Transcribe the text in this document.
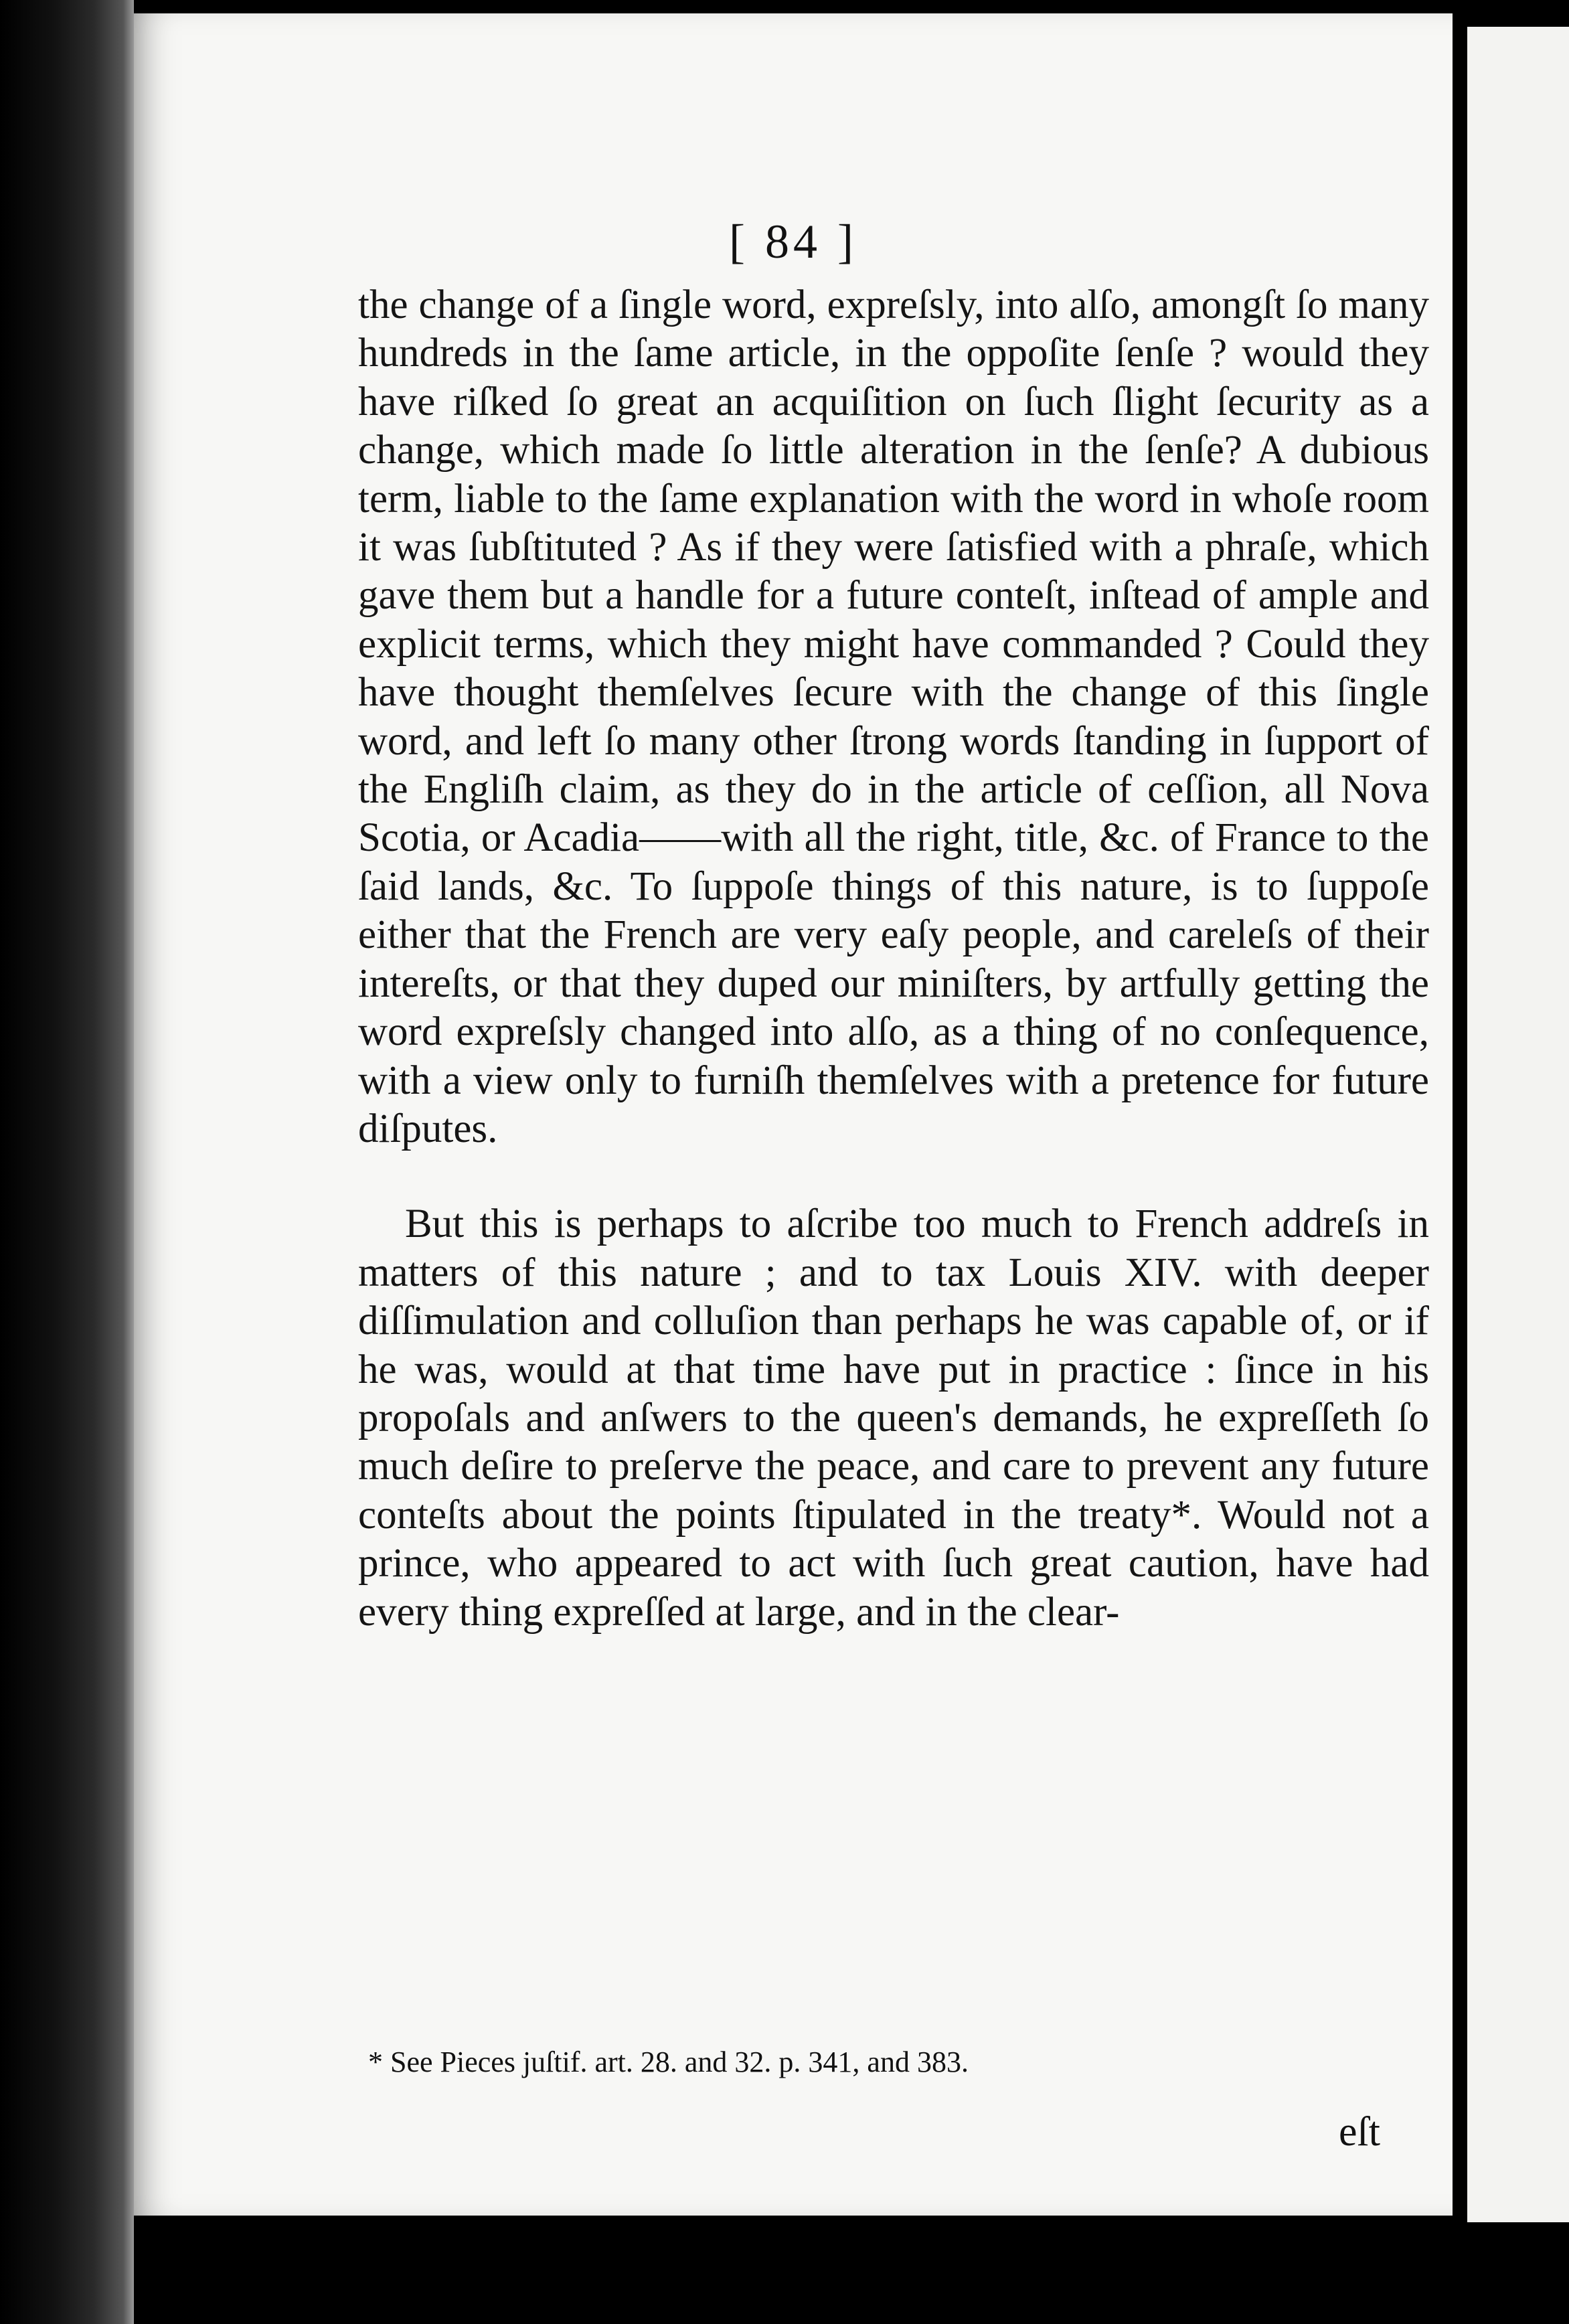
[ 84 ]

the change of a ſingle word, expreſsly, into alſo, amongſt ſo many hundreds in the ſame article, in the oppoſite ſenſe ? would they have riſked ſo great an acquiſition on ſuch ſlight ſecurity as a change, which made ſo little alteration in the ſenſe? A dubious term, liable to the ſame explanation with the word in whoſe room it was ſubſtituted ? As if they were ſatisfied with a phraſe, which gave them but a handle for a future conteſt, inſtead of ample and explicit terms, which they might have commanded ? Could they have thought themſelves ſecure with the change of this ſingle word, and left ſo many other ſtrong words ſtanding in ſupport of the Engliſh claim, as they do in the article of ceſſion, all Nova Scotia, or Acadia——with all the right, title, &c. of France to the ſaid lands, &c. To ſuppoſe things of this nature, is to ſuppoſe either that the French are very eaſy people, and careleſs of their intereſts, or that they duped our miniſters, by artfully getting the word expreſsly changed into alſo, as a thing of no conſequence, with a view only to furniſh themſelves with a pretence for future diſputes.

But this is perhaps to aſcribe too much to French addreſs in matters of this nature ; and to tax Louis XIV. with deeper diſſimulation and colluſion than perhaps he was capable of, or if he was, would at that time have put in practice : ſince in his propoſals and anſwers to the queen's demands, he expreſſeth ſo much deſire to preſerve the peace, and care to prevent any future conteſts about the points ſtipulated in the treaty*. Would not a prince, who appeared to act with ſuch great caution, have had every thing expreſſed at large, and in the clear-

* See Pieces juſtif. art. 28. and 32. p. 341, and 383.
eſt
